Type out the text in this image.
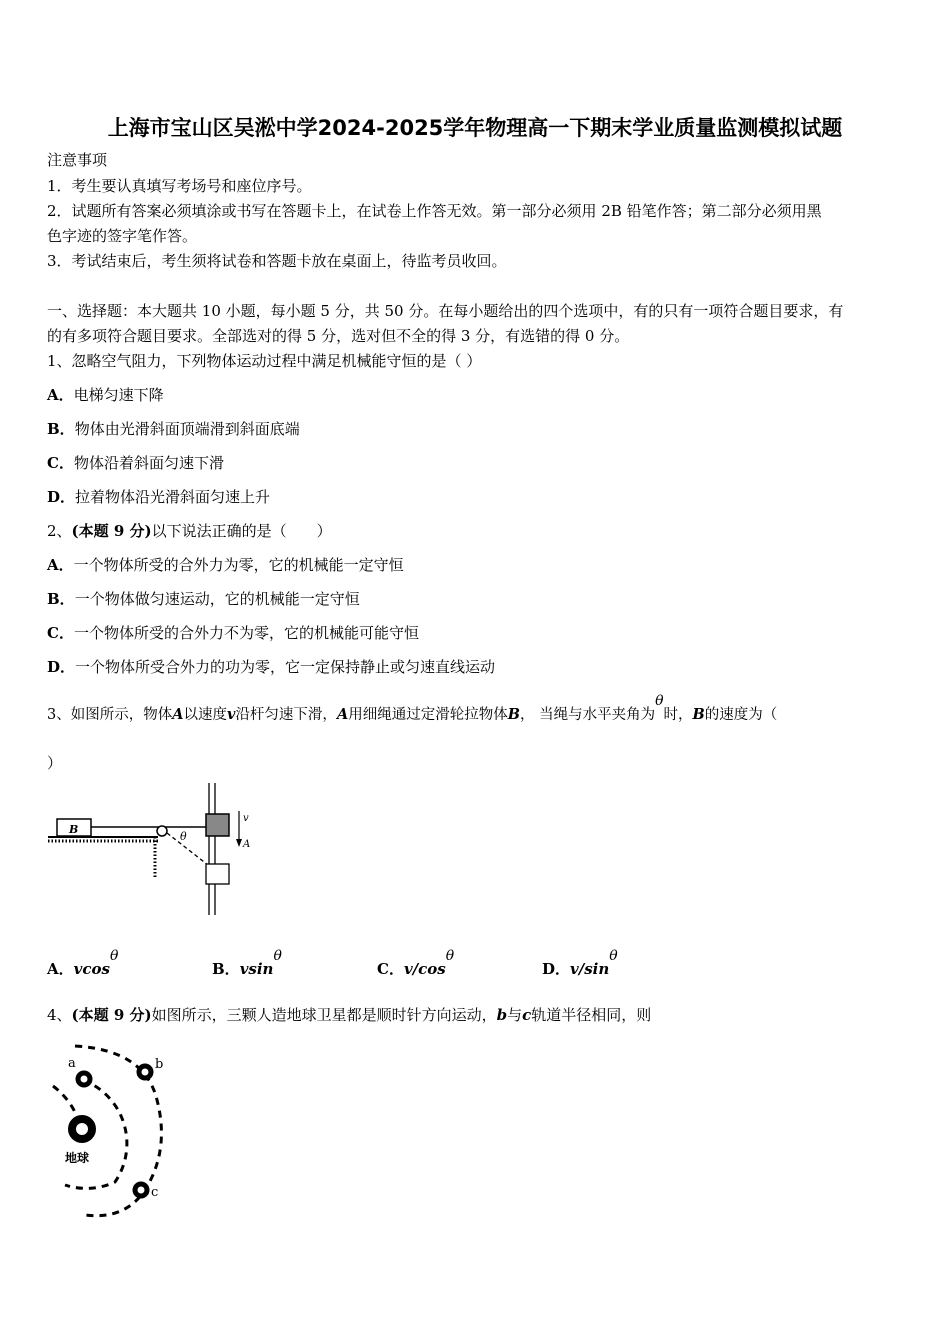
上海市宝山区吴淞中学2024-2025学年物理高一下期末学业质量监测模拟试题
注意事项
1．考生要认真填写考场号和座位序号。
2．试题所有答案必须填涂或书写在答题卡上，在试卷上作答无效。第一部分必须用 2B 铅笔作答；第二部分必须用黑
色字迹的签字笔作答。
3．考试结束后，考生须将试卷和答题卡放在桌面上，待监考员收回。
一、选择题：本大题共 10 小题，每小题 5 分，共 50 分。在每小题给出的四个选项中，有的只有一项符合题目要求，有
的有多项符合题目要求。全部选对的得 5 分，选对但不全的得 3 分，有选错的得 0 分。
1、忽略空气阻力，下列物体运动过程中满足机械能守恒的是（ ）
A．电梯匀速下降
B．物体由光滑斜面顶端滑到斜面底端
C．物体沿着斜面匀速下滑
D．拉着物体沿光滑斜面匀速上升
2、(本题 9 分)以下说法正确的是（　　）
A．一个物体所受的合外力为零，它的机械能一定守恒
B．一个物体做匀速运动，它的机械能一定守恒
C．一个物体所受的合外力不为零，它的机械能可能守恒
D．一个物体所受合外力的功为零，它一定保持静止或匀速直线运动
3、如图所示，物体A以速度v沿杆匀速下滑，A用细绳通过定滑轮拉物体B， 当绳与水平夹角为θ时，B的速度为（
）
B
θ
v
A
A．vcosθ
B．vsinθ
C．v/cosθ
D．v/sinθ
4、(本题 9 分)如图所示，三颗人造地球卫星都是顺时针方向运动，b与c轨道半径相同，则
a	b
c
地球
